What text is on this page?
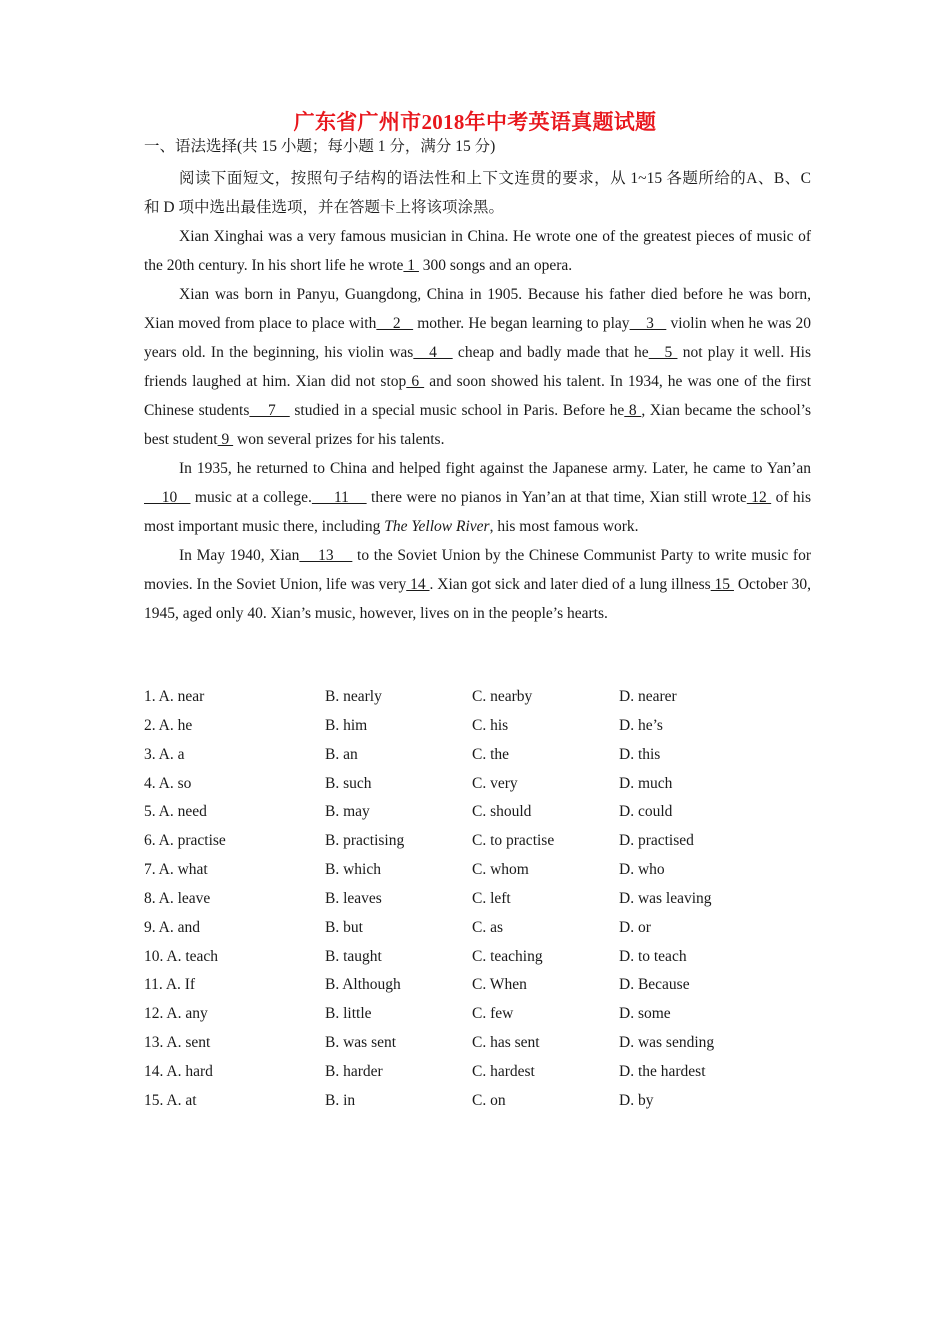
广东省广州市2018年中考英语真题试题
一、语法选择(共 15 小题；每小题 1 分，满分 15 分)

阅读下面短文，按照句子结构的语法性和上下文连贯的要求，从 1~15 各题所给的A、B、C 和 D 项中选出最佳选项，并在答题卡上将该项涂黑。

Xian Xinghai was a very famous musician in China. He wrote one of the greatest pieces of music of the 20th century. In his short life he wrote 1  300 songs and an opera.

Xian was born in Panyu, Guangdong, China in 1905. Because his father died before he was born, Xian moved from place to place with    2    mother. He began learning to play    3    violin when he was 20 years old. In the beginning, his violin was   4    cheap and badly made that he   5  not play it well. His friends laughed at him. Xian did not stop 6  and soon showed his talent. In 1934, he was one of the first Chinese students    7    studied in a special music school in Paris. Before he 8 , Xian became the school’s best student 9  won several prizes for his talents.

In 1935, he returned to China and helped fight against the Japanese army. Later, he came to Yan’an    10    music at a college.     11     there were no pianos in Yan’an at that time, Xian still wrote 12  of his most important music there, including The Yellow River, his most famous work.

In May 1940, Xian    13     to the Soviet Union by the Chinese Communist Party to write music for movies. In the Soviet Union, life was very 14 . Xian got sick and later died of a lung illness 15  October 30, 1945, aged only 40. Xian’s music, however, lives on in the people’s hearts.

1. A. near	B. nearly	C. nearby	D. nearer
2. A. he	B. him	C. his	D. he’s
3. A. a	B. an	C. the	D. this
4. A. so	B. such	C. very	D. much
5. A. need	B. may	C. should	D. could
6. A. practise	B. practising	C. to practise	D. practised
7. A. what	B. which	C. whom	D. who
8. A. leave	B. leaves	C. left	D. was leaving
9. A. and	B. but	C. as	D. or
10. A. teach	B. taught	C. teaching	D. to teach
11. A. If	B. Although	C. When	D. Because
12. A. any	B. little	C. few	D. some
13. A. sent	B. was sent	C. has sent	D. was sending
14. A. hard	B. harder	C. hardest	D. the hardest
15. A. at	B. in	C. on	D. by
